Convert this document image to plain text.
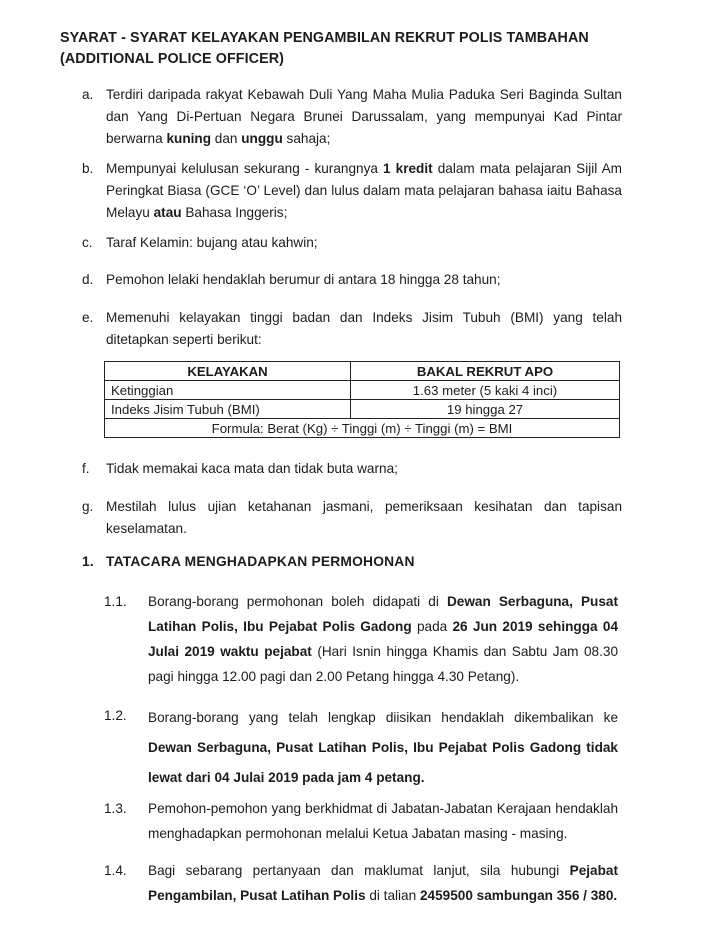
SYARAT - SYARAT KELAYAKAN PENGAMBILAN REKRUT POLIS TAMBAHAN
(ADDITIONAL POLICE OFFICER)
a. Terdiri daripada rakyat Kebawah Duli Yang Maha Mulia Paduka Seri Baginda Sultan dan Yang Di-Pertuan Negara Brunei Darussalam, yang mempunyai Kad Pintar berwarna kuning dan unggu sahaja;
b. Mempunyai kelulusan sekurang - kurangnya 1 kredit dalam mata pelajaran Sijil Am Peringkat Biasa (GCE ‘O’ Level) dan lulus dalam mata pelajaran bahasa iaitu Bahasa Melayu atau Bahasa Inggeris;
c. Taraf Kelamin: bujang atau kahwin;
d. Pemohon lelaki hendaklah berumur di antara 18 hingga 28 tahun;
e. Memenuhi kelayakan tinggi badan dan Indeks Jisim Tubuh (BMI) yang telah ditetapkan seperti berikut:
KELAYAKAN	BAKAL REKRUT APO
Ketinggian	1.63 meter (5 kaki 4 inci)
Indeks Jisim Tubuh (BMI)	19 hingga 27
Formula: Berat (Kg) ÷ Tinggi (m) ÷ Tinggi (m) = BMI	
f. Tidak memakai kaca mata dan tidak buta warna;
g. Mestilah lulus ujian ketahanan jasmani, pemeriksaan kesihatan dan tapisan keselamatan.
1. TATACARA MENGHADAPKAN PERMOHONAN
1.1. Borang-borang permohonan boleh didapati di Dewan Serbaguna, Pusat Latihan Polis, Ibu Pejabat Polis Gadong pada 26 Jun 2019 sehingga 04 Julai 2019 waktu pejabat (Hari Isnin hingga Khamis dan Sabtu Jam 08.30 pagi hingga 12.00 pagi dan 2.00 Petang hingga 4.30 Petang).
1.2. Borang-borang yang telah lengkap diisikan hendaklah dikembalikan ke Dewan Serbaguna, Pusat Latihan Polis, Ibu Pejabat Polis Gadong tidak lewat dari 04 Julai 2019 pada jam 4 petang.
1.3. Pemohon-pemohon yang berkhidmat di Jabatan-Jabatan Kerajaan hendaklah menghadapkan permohonan melalui Ketua Jabatan masing - masing.
1.4. Bagi sebarang pertanyaan dan maklumat lanjut, sila hubungi Pejabat Pengambilan, Pusat Latihan Polis di talian 2459500 sambungan 356 / 380.
